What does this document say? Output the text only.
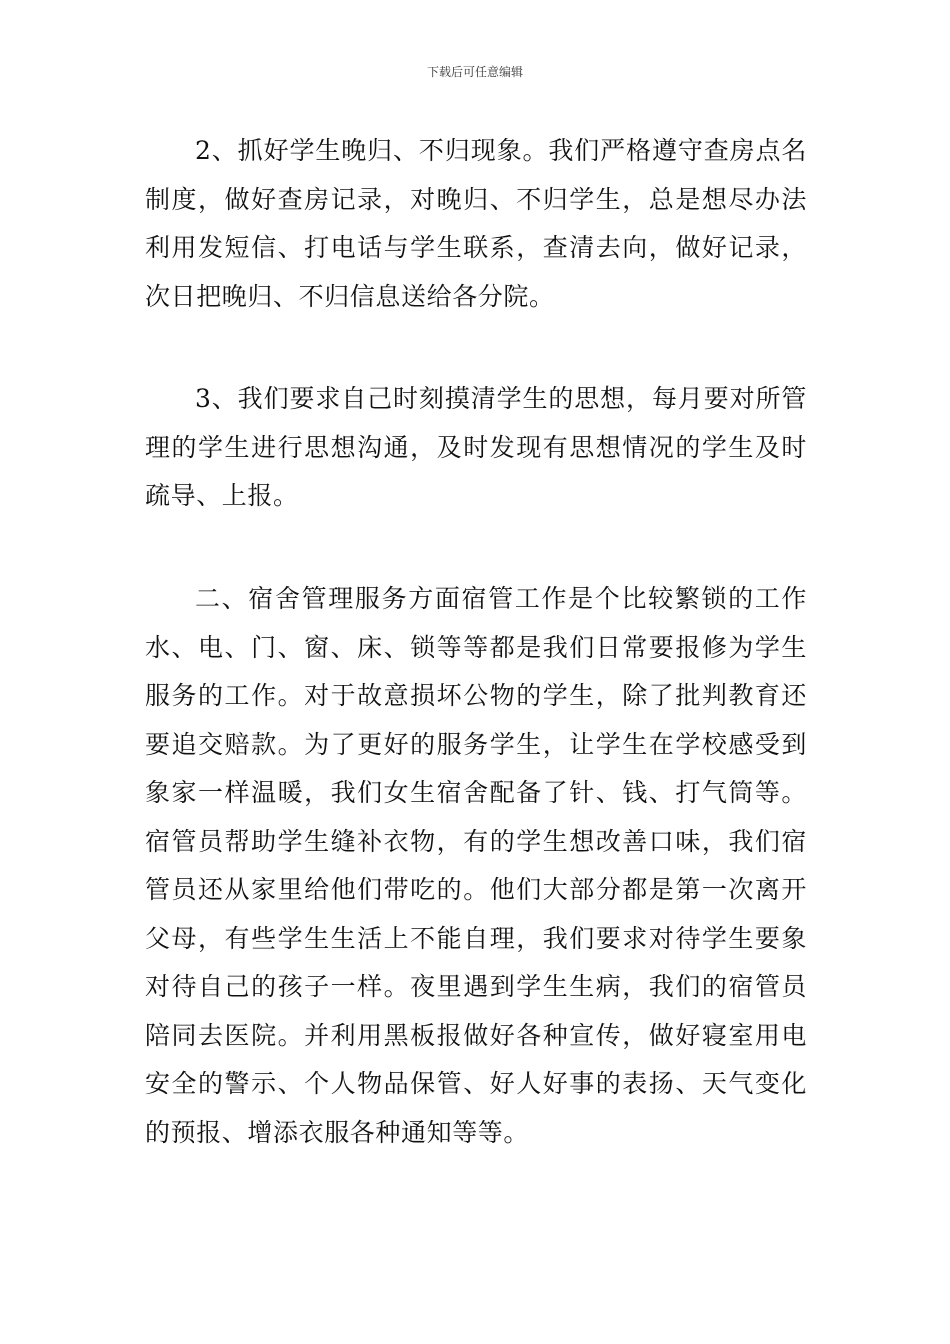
下载后可任意编辑

2、抓好学生晚归、不归现象。我们严格遵守查房点名制度，做好查房记录，对晚归、不归学生，总是想尽办法利用发短信、打电话与学生联系，查清去向，做好记录，次日把晚归、不归信息送给各分院。

3、我们要求自己时刻摸清学生的思想，每月要对所管理的学生进行思想沟通，及时发现有思想情况的学生及时疏导、上报。

二、宿舍管理服务方面宿管工作是个比较繁锁的工作水、电、门、窗、床、锁等等都是我们日常要报修为学生服务的工作。对于故意损坏公物的学生，除了批判教育还要追交赔款。为了更好的服务学生，让学生在学校感受到象家一样温暖，我们女生宿舍配备了针、钱、打气筒等。宿管员帮助学生缝补衣物，有的学生想改善口味，我们宿管员还从家里给他们带吃的。他们大部分都是第一次离开父母，有些学生生活上不能自理，我们要求对待学生要象对待自己的孩子一样。夜里遇到学生生病，我们的宿管员陪同去医院。并利用黑板报做好各种宣传，做好寝室用电安全的警示、个人物品保管、好人好事的表扬、天气变化的预报、增添衣服各种通知等等。
